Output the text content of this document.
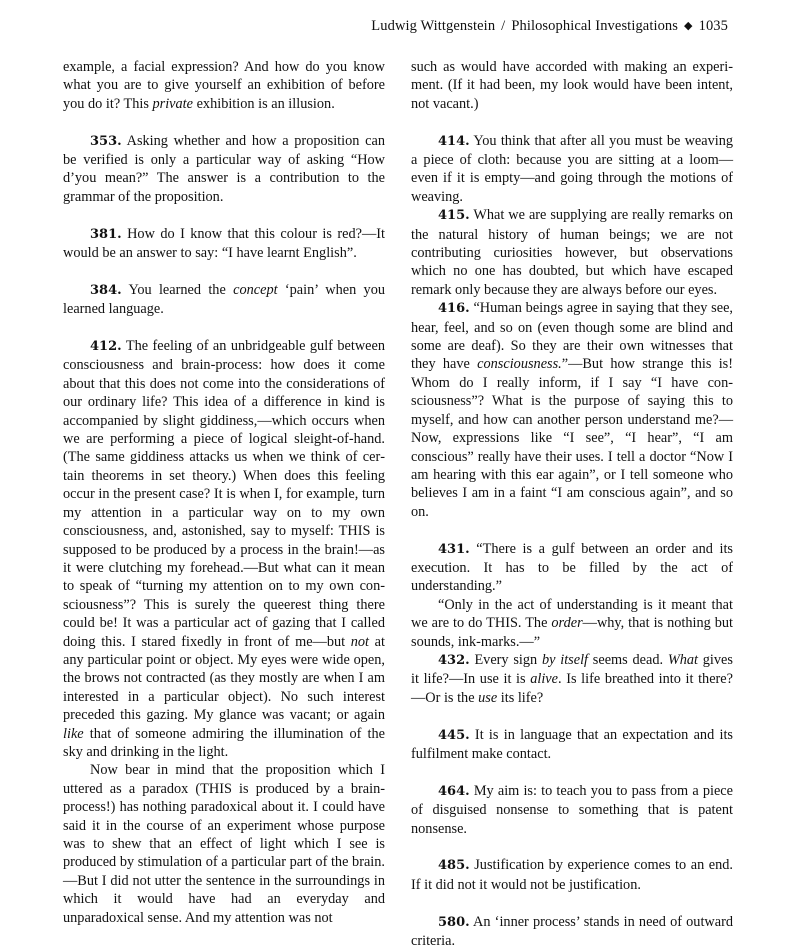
Ludwig Wittgenstein / Philosophical Investigations ◆ 1035

example, a facial expression? And how do you know what you are to give yourself an exhibition of before you do it? This private exhibition is an illusion.

353. Asking whether and how a proposition can be verified is only a particular way of asking “How d’you mean?” The answer is a contribution to the grammar of the proposition.

381. How do I know that this colour is red?—It would be an answer to say: “I have learnt English”.

384. You learned the concept ‘pain’ when you learned language.

412. The feeling of an unbridgeable gulf between consciousness and brain-process: how does it come about that this does not come into the considerations of our ordinary life? This idea of a difference in kind is accompanied by slight giddiness,—which occurs when we are performing a piece of logical sleight-of-hand. (The same giddiness attacks us when we think of certain theorems in set theory.) When does this feeling occur in the present case? It is when I, for example, turn my attention in a particular way on to my own consciousness, and, astonished, say to myself: THIS is supposed to be produced by a process in the brain!—as it were clutching my forehead.—But what can it mean to speak of “turning my attention on to my own consciousness”? This is surely the queerest thing there could be! It was a particular act of gazing that I called doing this. I stared fixedly in front of me—but not at any particular point or object. My eyes were wide open, the brows not contracted (as they mostly are when I am interested in a particular object). No such interest preceded this gazing. My glance was vacant; or again like that of someone admiring the illumination of the sky and drinking in the light.

Now bear in mind that the proposition which I uttered as a paradox (THIS is produced by a brain-process!) has nothing paradoxical about it. I could have said it in the course of an experiment whose purpose was to shew that an effect of light which I see is produced by stimulation of a particular part of the brain.—But I did not utter the sentence in the surroundings in which it would have had an everyday and unparadoxical sense. And my attention was not

such as would have accorded with making an experiment. (If it had been, my look would have been intent, not vacant.)

414. You think that after all you must be weaving a piece of cloth: because you are sitting at a loom—even if it is empty—and going through the motions of weaving.

415. What we are supplying are really remarks on the natural history of human beings; we are not contributing curiosities however, but observations which no one has doubted, but which have escaped remark only because they are always before our eyes.

416. “Human beings agree in saying that they see, hear, feel, and so on (even though some are blind and some are deaf). So they are their own witnesses that they have consciousness.”—But how strange this is! Whom do I really inform, if I say “I have consciousness”? What is the purpose of saying this to myself, and how can another person understand me?—Now, expressions like “I see”, “I hear”, “I am conscious” really have their uses. I tell a doctor “Now I am hearing with this ear again”, or I tell someone who believes I am in a faint “I am conscious again”, and so on.

431. “There is a gulf between an order and its execution. It has to be filled by the act of understanding.”

“Only in the act of understanding is it meant that we are to do THIS. The order—why, that is nothing but sounds, ink-marks.—”

432. Every sign by itself seems dead. What gives it life?—In use it is alive. Is life breathed into it there?—Or is the use its life?

445. It is in language that an expectation and its fulfilment make contact.

464. My aim is: to teach you to pass from a piece of disguised nonsense to something that is patent nonsense.

485. Justification by experience comes to an end. If it did not it would not be justification.

580. An ‘inner process’ stands in need of outward criteria.
